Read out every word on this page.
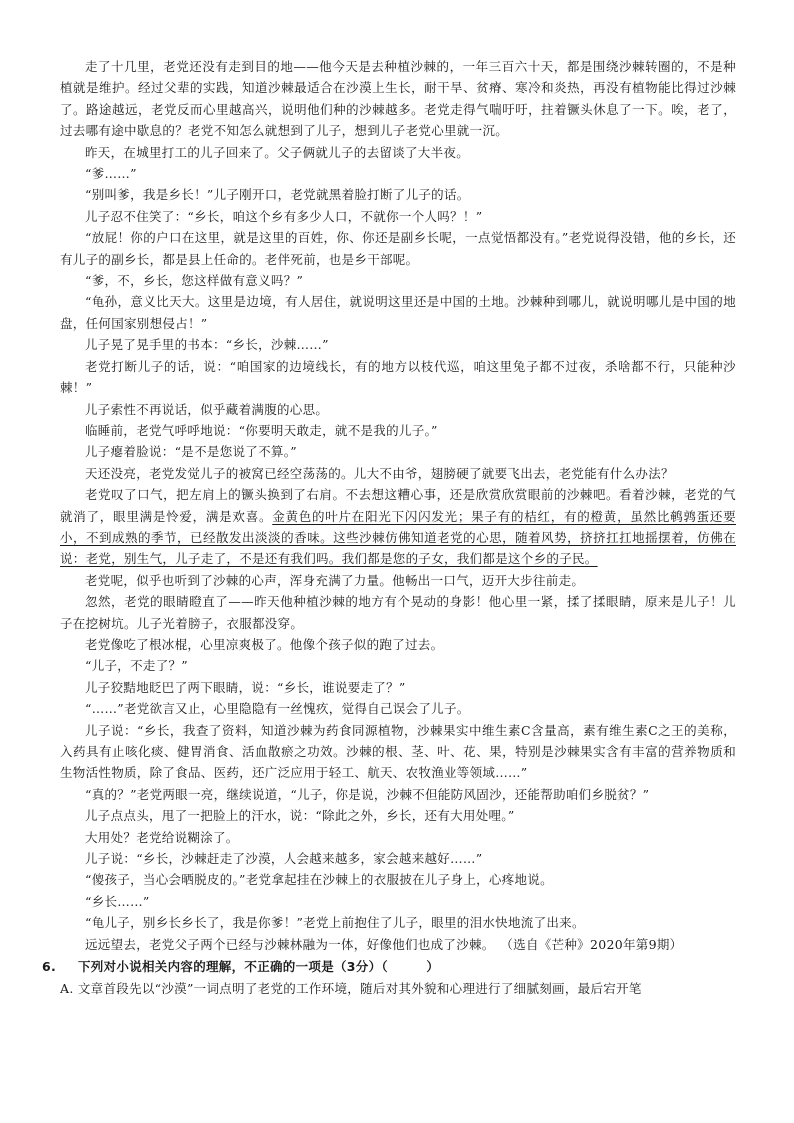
走了十几里，老党还没有走到目的地——他今天是去种植沙棘的，一年三百六十天，都是围绕沙棘转圈的，不是种植就是维护。经过父辈的实践，知道沙棘最适合在沙漠上生长，耐干旱、贫瘠、寒冷和炎热，再没有植物能比得过沙棘了。路途越远，老党反而心里越高兴，说明他们种的沙棘越多。老党走得气喘吁吁，拄着镢头休息了一下。唉，老了，过去哪有途中歇息的？老党不知怎么就想到了儿子，想到儿子老党心里就一沉。

昨天，在城里打工的儿子回来了。父子俩就儿子的去留谈了大半夜。

“爹……”

“别叫爹，我是乡长！”儿子刚开口，老党就黑着脸打断了儿子的话。

儿子忍不住笑了：“乡长，咱这个乡有多少人口，不就你一个人吗？！”

“放屁！你的户口在这里，就是这里的百姓，你、你还是副乡长呢，一点觉悟都没有。”老党说得没错，他的乡长，还有儿子的副乡长，都是县上任命的。老伴死前，也是乡干部呢。

“爹，不，乡长，您这样做有意义吗？”

“龟孙，意义比天大。这里是边境，有人居住，就说明这里还是中国的土地。沙棘种到哪儿，就说明哪儿是中国的地盘，任何国家别想侵占！”

儿子晃了晃手里的书本：“乡长，沙棘……”

老党打断儿子的话，说：“咱国家的边境线长，有的地方以枝代巡，咱这里兔子都不过夜，杀啥都不行，只能种沙棘！”

儿子索性不再说话，似乎藏着满腹的心思。

临睡前，老党气呼呼地说：“你要明天敢走，就不是我的儿子。”

儿子瘪着脸说：“是不是您说了不算。”

天还没亮，老党发觉儿子的被窝已经空荡荡的。儿大不由爷，翅膀硬了就要飞出去，老党能有什么办法？

老党叹了口气，把左肩上的镢头换到了右肩。不去想这糟心事，还是欣赏欣赏眼前的沙棘吧。看着沙棘，老党的气就消了，眼里满是怜爱，满是欢喜。金黄色的叶片在阳光下闪闪发光；果子有的桔红，有的橙黄，虽然比鹌鹑蛋还要小，不到成熟的季节，已经散发出淡淡的香味。这些沙棘仿佛知道老党的心思，随着风势，挤挤扛扛地摇摆着，仿佛在说：老党，别生气，儿子走了，不是还有我们吗。我们都是您的子女，我们都是这个乡的子民。

老党呢，似乎也听到了沙棘的心声，浑身充满了力量。他畅出一口气，迈开大步往前走。

忽然，老党的眼睛瞪直了——昨天他种植沙棘的地方有个晃动的身影！他心里一紧，揉了揉眼睛，原来是儿子！儿子在挖树坑。儿子光着膀子，衣服都没穿。

老党像吃了根冰棍，心里凉爽极了。他像个孩子似的跑了过去。

“儿子，不走了？”

儿子狡黠地眨巴了两下眼睛，说：“乡长，谁说要走了？”

“……”老党欲言又止，心里隐隐有一丝愧疚，觉得自己误会了儿子。

儿子说：“乡长，我查了资料，知道沙棘为药食同源植物，沙棘果实中维生素C含量高，素有维生素C之王的美称，入药具有止咳化痰、健胃消食、活血散瘀之功效。沙棘的根、茎、叶、花、果，特别是沙棘果实含有丰富的营养物质和生物活性物质，除了食品、医药，还广泛应用于轻工、航天、农牧渔业等领域……”

“真的？”老党两眼一亮，继续说道，“儿子，你是说，沙棘不但能防风固沙，还能帮助咱们乡脱贫？”

儿子点点头，甩了一把脸上的汗水，说：“除此之外，乡长，还有大用处哩。”

大用处？老党给说糊涂了。

儿子说：“乡长，沙棘赶走了沙漠，人会越来越多，家会越来越好……”

“傻孩子，当心会晒脱皮的。”老党拿起挂在沙棘上的衣服披在儿子身上，心疼地说。

“乡长……”

“龟儿子，别乡长乡长了，我是你爹！”老党上前抱住了儿子，眼里的泪水快地流了出来。

远远望去，老党父子两个已经与沙棘林融为一体，好像他们也成了沙棘。 （选自《芒种》2020年第9期）

6. 下列对小说相关内容的理解，不正确的一项是（3分）（　　　）

A. 文章首段先以“沙漠”一词点明了老党的工作环境，随后对其外貌和心理进行了细腻刻画，最后宕开笔
